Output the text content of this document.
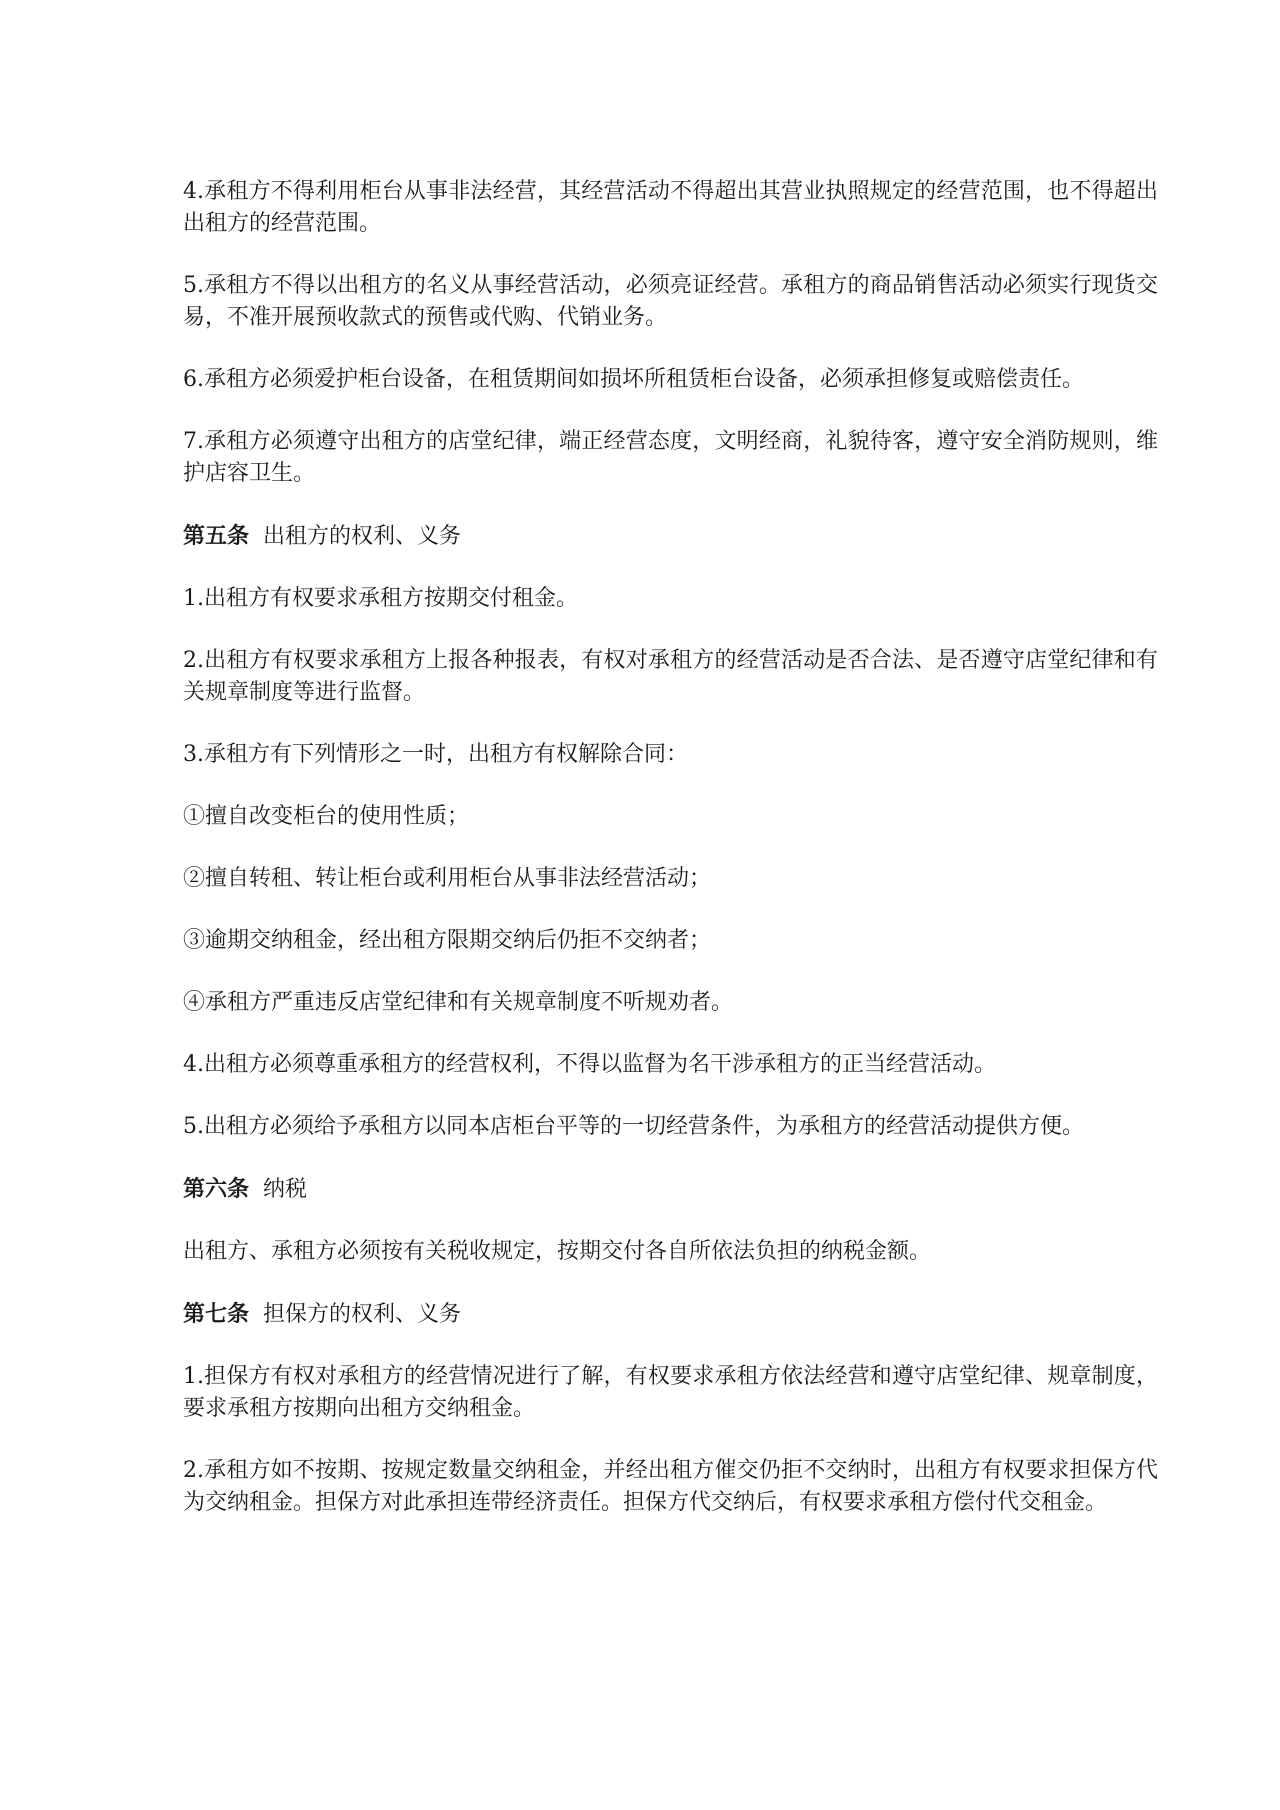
4.承租方不得利用柜台从事非法经营，其经营活动不得超出其营业执照规定的经营范围，也不得超出出租方的经营范围。

5.承租方不得以出租方的名义从事经营活动，必须亮证经营。承租方的商品销售活动必须实行现货交易，不准开展预收款式的预售或代购、代销业务。

6.承租方必须爱护柜台设备，在租赁期间如损坏所租赁柜台设备，必须承担修复或赔偿责任。

7.承租方必须遵守出租方的店堂纪律，端正经营态度，文明经商，礼貌待客，遵守安全消防规则，维护店容卫生。

第五条 出租方的权利、义务

1.出租方有权要求承租方按期交付租金。

2.出租方有权要求承租方上报各种报表，有权对承租方的经营活动是否合法、是否遵守店堂纪律和有关规章制度等进行监督。

3.承租方有下列情形之一时，出租方有权解除合同：

①擅自改变柜台的使用性质；

②擅自转租、转让柜台或利用柜台从事非法经营活动；

③逾期交纳租金，经出租方限期交纳后仍拒不交纳者；

④承租方严重违反店堂纪律和有关规章制度不听规劝者。

4.出租方必须尊重承租方的经营权利，不得以监督为名干涉承租方的正当经营活动。

5.出租方必须给予承租方以同本店柜台平等的一切经营条件，为承租方的经营活动提供方便。

第六条 纳税

出租方、承租方必须按有关税收规定，按期交付各自所依法负担的纳税金额。

第七条 担保方的权利、义务

1.担保方有权对承租方的经营情况进行了解，有权要求承租方依法经营和遵守店堂纪律、规章制度，要求承租方按期向出租方交纳租金。

2.承租方如不按期、按规定数量交纳租金，并经出租方催交仍拒不交纳时，出租方有权要求担保方代为交纳租金。担保方对此承担连带经济责任。担保方代交纳后，有权要求承租方偿付代交租金。
